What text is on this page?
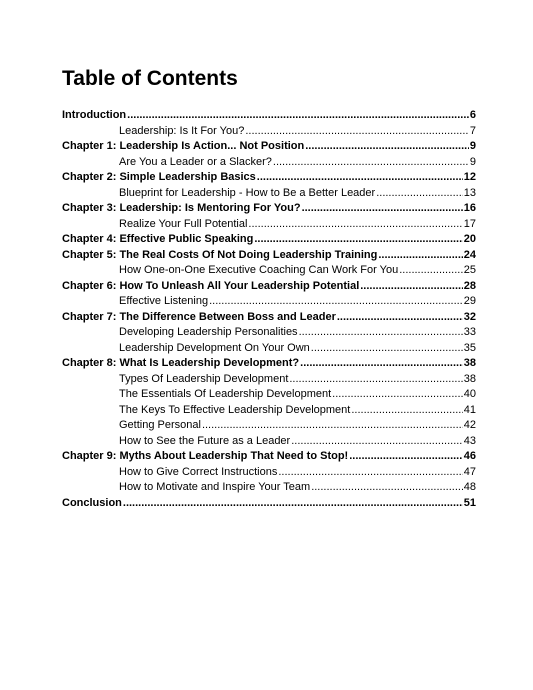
Table of Contents
Introduction .....	6
Leadership: Is It For You? .....	7
Chapter 1: Leadership Is Action... Not Position .....	9
Are You a Leader or a Slacker? .....	9
Chapter 2: Simple Leadership Basics .....	12
Blueprint for Leadership - How to Be a Better Leader .....	13
Chapter 3: Leadership: Is Mentoring For You? .....	16
Realize Your Full Potential .....	17
Chapter 4: Effective Public Speaking .....	20
Chapter 5: The Real Costs Of Not Doing Leadership Training .....	24
How One-on-One Executive Coaching Can Work For You .....	25
Chapter 6: How To Unleash All Your Leadership Potential .....	28
Effective Listening .....	29
Chapter 7: The Difference Between Boss and Leader .....	32
Developing Leadership Personalities .....	33
Leadership Development On Your Own .....	35
Chapter 8: What Is Leadership Development? .....	38
Types Of Leadership Development .....	38
The Essentials Of Leadership Development .....	40
The Keys To Effective Leadership Development .....	41
Getting Personal .....	42
How to See the Future as a Leader .....	43
Chapter 9: Myths About Leadership That Need to Stop! .....	46
How to Give Correct Instructions .....	47
How to Motivate and Inspire Your Team .....	48
Conclusion .....	51
